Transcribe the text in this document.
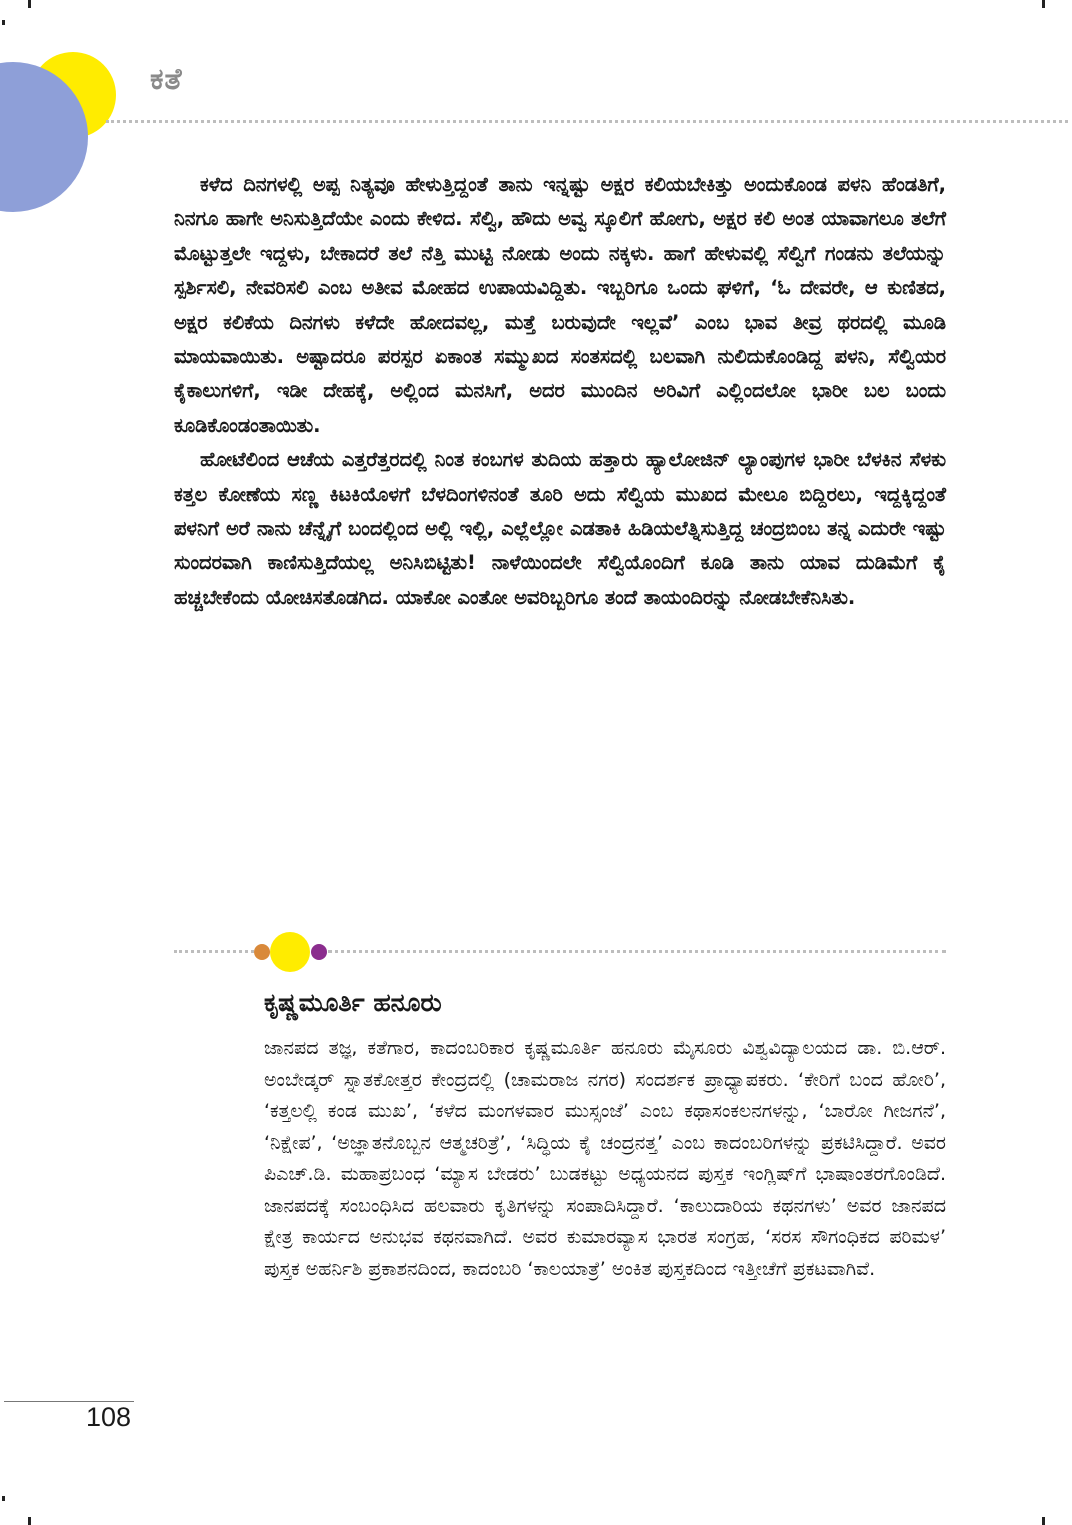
ಕತೆ

ಕಳೆದ ದಿನಗಳಲ್ಲಿ ಅಪ್ಪ ನಿತ್ಯವೂ ಹೇಳುತ್ತಿದ್ದಂತೆ ತಾನು ಇನ್ನಷ್ಟು ಅಕ್ಷರ ಕಲಿಯಬೇಕಿತ್ತು ಅಂದುಕೊಂಡ ಪಳನಿ ಹೆಂಡತಿಗೆ, ನಿನಗೂ ಹಾಗೇ ಅನಿಸುತ್ತಿದೆಯೇ ಎಂದು ಕೇಳಿದ. ಸೆಲ್ವಿ, ಹೌದು ಅವ್ವ ಸ್ಕೂಲಿಗೆ ಹೋಗು, ಅಕ್ಷರ ಕಲಿ ಅಂತ ಯಾವಾಗಲೂ ತಲೆಗೆ ಮೊಟ್ಟುತ್ತಲೇ ಇದ್ದಳು, ಬೇಕಾದರೆ ತಲೆ ನೆತ್ತಿ ಮುಟ್ಟಿ ನೋಡು ಅಂದು ನಕ್ಕಳು. ಹಾಗೆ ಹೇಳುವಲ್ಲಿ ಸೆಲ್ವಿಗೆ ಗಂಡನು ತಲೆಯನ್ನು ಸ್ಪರ್ಶಿಸಲಿ, ನೇವರಿಸಲಿ ಎಂಬ ಅತೀವ ಮೋಹದ ಉಪಾಯವಿದ್ದಿತು. ಇಬ್ಬರಿಗೂ ಒಂದು ಘಳಿಗೆ, ‘ಓ ದೇವರೇ, ಆ ಕುಣಿತದ, ಅಕ್ಷರ ಕಲಿಕೆಯ ದಿನಗಳು ಕಳೆದೇ ಹೋದವಲ್ಲ, ಮತ್ತೆ ಬರುವುದೇ ಇಲ್ಲವೆ’ ಎಂಬ ಭಾವ ತೀವ್ರ ಥರದಲ್ಲಿ ಮೂಡಿ ಮಾಯವಾಯಿತು. ಅಷ್ಟಾದರೂ ಪರಸ್ಪರ ಏಕಾಂತ ಸಮ್ಮುಖದ ಸಂತಸದಲ್ಲಿ ಬಲವಾಗಿ ನುಲಿದುಕೊಂಡಿದ್ದ ಪಳನಿ, ಸೆಲ್ವಿಯರ ಕೈಕಾಲುಗಳಿಗೆ, ಇಡೀ ದೇಹಕ್ಕೆ, ಅಲ್ಲಿಂದ ಮನಸಿಗೆ, ಅದರ ಮುಂದಿನ ಅರಿವಿಗೆ ಎಲ್ಲಿಂದಲೋ ಭಾರೀ ಬಲ ಬಂದು ಕೂಡಿಕೊಂಡಂತಾಯಿತು.

ಹೋಟೆಲಿಂದ ಆಚೆಯ ಎತ್ತರೆತ್ತರದಲ್ಲಿ ನಿಂತ ಕಂಬಗಳ ತುದಿಯ ಹತ್ತಾರು ಹ್ಯಾಲೋಜಿನ್ ಲ್ಯಾಂಪುಗಳ ಭಾರೀ ಬೆಳಕಿನ ಸೆಳಕು ಕತ್ತಲ ಕೋಣೆಯ ಸಣ್ಣ ಕಿಟಕಿಯೊಳಗೆ ಬೆಳದಿಂಗಳಿನಂತೆ ತೂರಿ ಅದು ಸೆಲ್ವಿಯ ಮುಖದ ಮೇಲೂ ಬಿದ್ದಿರಲು, ಇದ್ದಕ್ಕಿದ್ದಂತೆ ಪಳನಿಗೆ ಅರೆ ನಾನು ಚೆನ್ನೈಗೆ ಬಂದಲ್ಲಿಂದ ಅಲ್ಲಿ ಇಲ್ಲಿ, ಎಲ್ಲೆಲ್ಲೋ ಎಡತಾಕಿ ಹಿಡಿಯಲೆತ್ನಿಸುತ್ತಿದ್ದ ಚಂದ್ರಬಿಂಬ ತನ್ನ ಎದುರೇ ಇಷ್ಟು ಸುಂದರವಾಗಿ ಕಾಣಿಸುತ್ತಿದೆಯಲ್ಲ ಅನಿಸಿಬಿಟ್ಟಿತು! ನಾಳೆಯಿಂದಲೇ ಸೆಲ್ವಿಯೊಂದಿಗೆ ಕೂಡಿ ತಾನು ಯಾವ ದುಡಿಮೆಗೆ ಕೈ ಹಚ್ಚಬೇಕೆಂದು ಯೋಚಿಸತೊಡಗಿದ. ಯಾಕೋ ಎಂತೋ ಅವರಿಬ್ಬರಿಗೂ ತಂದೆ ತಾಯಂದಿರನ್ನು ನೋಡಬೇಕೆನಿಸಿತು.

ಕೃಷ್ಣಮೂರ್ತಿ ಹನೂರು

ಜಾನಪದ ತಜ್ಞ, ಕತೆಗಾರ, ಕಾದಂಬರಿಕಾರ ಕೃಷ್ಣಮೂರ್ತಿ ಹನೂರು ಮೈಸೂರು ವಿಶ್ವವಿದ್ಯಾಲಯದ ಡಾ. ಬಿ.ಆರ್. ಅಂಬೇಡ್ಕರ್ ಸ್ನಾತಕೋತ್ತರ ಕೇಂದ್ರದಲ್ಲಿ (ಚಾಮರಾಜ ನಗರ) ಸಂದರ್ಶಕ ಪ್ರಾಧ್ಯಾಪಕರು. ‘ಕೇರಿಗೆ ಬಂದ ಹೋರಿ’, ‘ಕತ್ತಲಲ್ಲಿ ಕಂಡ ಮುಖ’, ‘ಕಳೆದ ಮಂಗಳವಾರ ಮುಸ್ಸಂಜೆ’ ಎಂಬ ಕಥಾಸಂಕಲನಗಳನ್ನು, ‘ಬಾರೋ ಗೀಜಗನೆ’, ‘ನಿಕ್ಷೇಪ’, ‘ಅಜ್ಞಾತನೊಬ್ಬನ ಆತ್ಮಚರಿತ್ರೆ’, ‘ಸಿದ್ಧಿಯ ಕೈ ಚಂದ್ರನತ್ತ’ ಎಂಬ ಕಾದಂಬರಿಗಳನ್ನು ಪ್ರಕಟಿಸಿದ್ದಾರೆ. ಅವರ ಪಿಎಚ್.ಡಿ. ಮಹಾಪ್ರಬಂಧ ‘ಮ್ಯಾಸ ಬೇಡರು’ ಬುಡಕಟ್ಟು ಅಧ್ಯಯನದ ಪುಸ್ತಕ ಇಂಗ್ಲಿಷ್‌ಗೆ ಭಾಷಾಂತರಗೊಂಡಿದೆ. ಜಾನಪದಕ್ಕೆ ಸಂಬಂಧಿಸಿದ ಹಲವಾರು ಕೃತಿಗಳನ್ನು ಸಂಪಾದಿಸಿದ್ದಾರೆ. ‘ಕಾಲುದಾರಿಯ ಕಥನಗಳು’ ಅವರ ಜಾನಪದ ಕ್ಷೇತ್ರ ಕಾರ್ಯದ ಅನುಭವ ಕಥನವಾಗಿದೆ. ಅವರ ಕುಮಾರವ್ಯಾಸ ಭಾರತ ಸಂಗ್ರಹ, ‘ಸರಸ ಸೌಗಂಧಿಕದ ಪರಿಮಳ’ ಪುಸ್ತಕ ಅಹರ್ನಿಶಿ ಪ್ರಕಾಶನದಿಂದ, ಕಾದಂಬರಿ ‘ಕಾಲಯಾತ್ರೆ’ ಅಂಕಿತ ಪುಸ್ತಕದಿಂದ ಇತ್ತೀಚೆಗೆ ಪ್ರಕಟವಾಗಿವೆ.

108
